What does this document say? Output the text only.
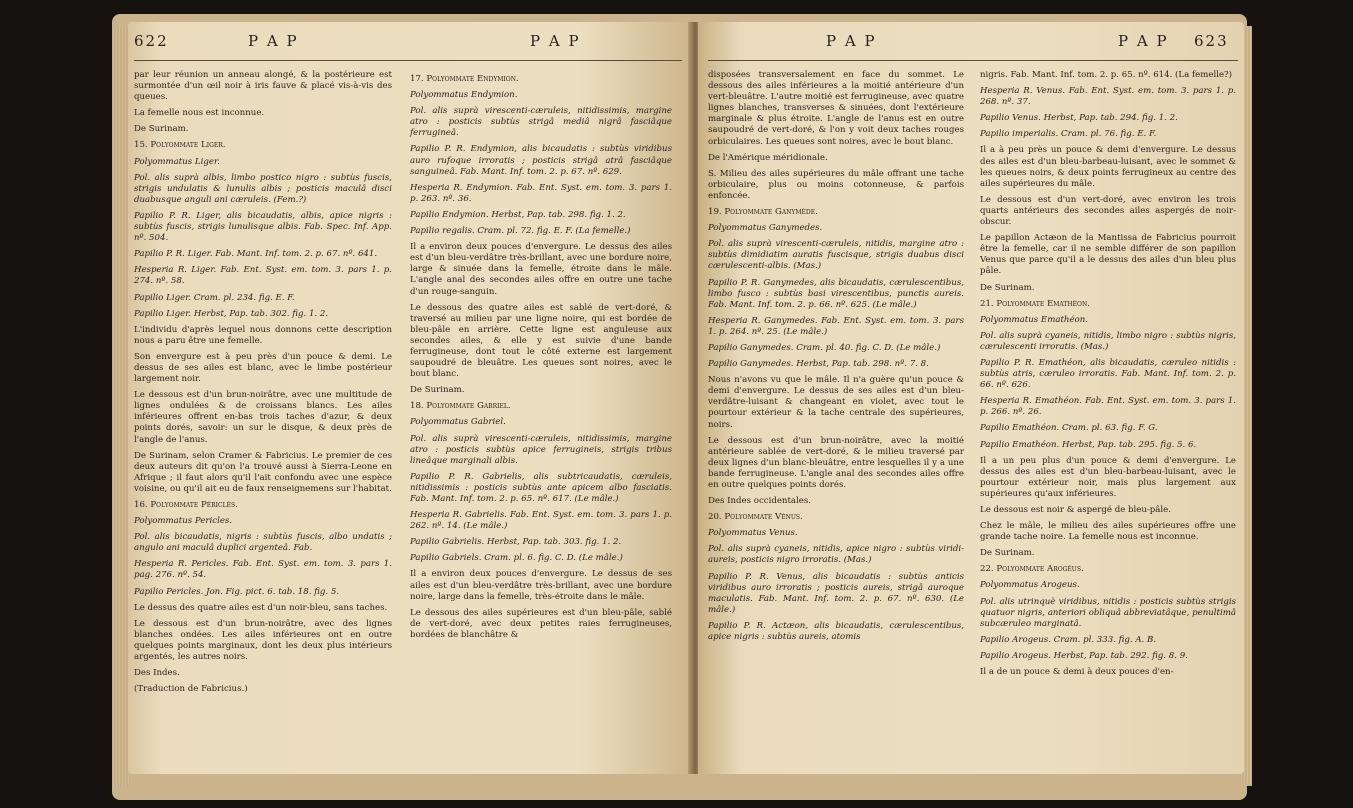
622	P A P	P A P

par leur réunion un anneau alongé, & la postérieure est surmontée d'un œil noir à iris fauve & placé vis-à-vis des queues.

La femelle nous est inconnue.

De Surinam.

15. Polyommate Liger.

Polyommatus Liger.

Pol. alis suprà albis, limbo postico nigro : subtùs fuscis, strigis undulatis & lunulis albis ; posticis maculâ disci duabusque anguli ani cæruleis. (Fem.?)

Papilio P. R. Liger, alis bicaudatis, albis, apice nigris : subtùs fuscis, strigis lunulisque albis. Fab. Spec. Inf. App. nº. 504.

Papilio P. R. Liger. Fab. Mant. Inf. tom. 2. p. 67. nº. 641.

Hesperia R. Liger. Fab. Ent. Syst. em. tom. 3. pars 1. p. 274. nº. 58.

Papilio Liger. Cram. pl. 234. fig. E. F.

Papilio Liger. Herbst, Pap. tab. 302. fig. 1. 2.

L'individu d'après lequel nous donnons cette description nous a paru être une femelle.

Son envergure est à peu près d'un pouce & demi. Le dessus de ses ailes est blanc, avec le limbe postérieur largement noir.

Le dessous est d'un brun-noirâtre, avec une multitude de lignes ondulées & de croissans blancs. Les ailes inférieures offrent en-bas trois taches d'azur, & deux points dorés, savoir: un sur le disque, & deux près de l'angle de l'anus.

De Surinam, selon Cramer & Fabricius. Le premier de ces deux auteurs dit qu'on l'a trouvé aussi à Sierra-Leone en Afrique ; il faut alors qu'il l'ait confondu avec une espèce voisine, ou qu'il ait eu de faux renseignemens sur l'habitat.

16. Polyommate Périclès.

Polyommatus Pericles.

Pol. alis bicaudatis, nigris : subtùs fuscis, albo undatis ; angulo ani maculâ duplici argenteâ. Fab.

Hesperia R. Pericles. Fab. Ent. Syst. em. tom. 3. pars 1. pag. 276. nº. 54.

Papilio Pericles. Jon. Fig. pict. 6. tab. 18. fig. 5.

Le dessus des quatre ailes est d'un noir-bleu, sans taches.

Le dessous est d'un brun-noirâtre, avec des lignes blanches ondées. Les ailes inférieures ont en outre quelques points marginaux, dont les deux plus intérieurs argentés, les autres noirs.

Des Indes.

(Traduction de Fabricius.)

17. Polyommate Endymion.

Polyommatus Endymion.

Pol. alis suprà virescenti-cæruleis, nitidissimis, margine atro : posticis subtùs strigâ mediâ nigrâ fasciâque ferrugineâ.

Papilio P. R. Endymion, alis bicaudatis : subtùs viridibus auro rufoque irroratis ; posticis strigâ atrâ fasciâque sanguineâ. Fab. Mant. Inf. tom. 2. p. 67. nº. 629.

Hesperia R. Endymion. Fab. Ent. Syst. em. tom. 3. pars 1. p. 263. nº. 36.

Papilio Endymion. Herbst, Pap. tab. 298. fig. 1. 2.

Papilio regalis. Cram. pl. 72. fig. E. F. (La femelle.)

Il a environ deux pouces d'envergure. Le dessus des ailes est d'un bleu-verdâtre très-brillant, avec une bordure noire, large & sinuée dans la femelle, étroite dans le mâle. L'angle anal des secondes ailes offre en outre une tache d'un rouge-sanguin.

Le dessous des quatre ailes est sablé de vert-doré, & traversé au milieu par une ligne noire, qui est bordée de bleu-pâle en arrière. Cette ligne est anguleuse aux secondes ailes, & elle y est suivie d'une bande ferrugineuse, dont tout le côté externe est largement saupoudré de bleuâtre. Les queues sont noires, avec le bout blanc.

De Surinam.

18. Polyommate Gabriel.

Polyommatus Gabriel.

Pol. alis suprà virescenti-cæruleis, nitidissimis, margine atro : posticis subtùs apice ferrugineis, strigis tribus lineâque marginali albis.

Papilio P. R. Gabrielis, alis subtricaudatis, cæruleis, nitidissimis : posticis subtùs ante apicem albo fasciatis. Fab. Mant. Inf. tom. 2. p. 65. nº. 617. (Le mâle.)

Hesperia R. Gabrielis. Fab. Ent. Syst. em. tom. 3. pars 1. p. 262. nº. 14. (Le mâle.)

Papilio Gabrielis. Herbst, Pap. tab. 303. fig. 1. 2.

Papilio Gabriels. Cram. pl. 6. fig. C. D. (Le mâle.)

Il a environ deux pouces d'envergure. Le dessus de ses ailes est d'un bleu-verdâtre très-brillant, avec une bordure noire, large dans la femelle, très-étroite dans le mâle.

Le dessous des ailes supérieures est d'un bleu-pâle, sablé de vert-doré, avec deux petites raies ferrugineuses, bordées de blanchâtre &

P A P	P A P 623

disposées transversalement en face du sommet. Le dessous des ailes inférieures a la moitié antérieure d'un vert-bleuâtre. L'autre moitié est ferrugineuse, avec quatre lignes blanches, transverses & sinuées, dont l'extérieure marginale & plus étroite. L'angle de l'anus est en outre saupoudré de vert-doré, & l'on y voit deux taches rouges orbiculaires. Les queues sont noires, avec le bout blanc.

De l'Amérique méridionale.

S. Milieu des ailes supérieures du mâle offrant une tache orbiculaire, plus ou moins cotonneuse, & parfois enfoncée.

19. Polyommate Ganymède.

Polyommatus Ganymedes.

Pol. alis suprà virescenti-cæruleis, nitidis, margine atro : subtùs dimidiatim auratis fuscisque, strigis duabus disci cærulescenti-albis. (Mas.)

Papilio P. R. Ganymedes, alis bicaudatis, cærulescentibus, limbo fusco : subtùs basi virescentibus, punctis aureis. Fab. Mant. Inf. tom. 2. p. 66. nº. 625. (Le mâle.)

Hesperia R. Ganymedes. Fab. Ent. Syst. em. tom. 3. pars 1. p. 264. nº. 25. (Le mâle.)

Papilio Ganymedes. Cram. pl. 40. fig. C. D. (Le mâle.)

Papilio Ganymedes. Herbst, Pap. tab. 298. nº. 7. 8.

Nous n'avons vu que le mâle. Il n'a guère qu'un pouce & demi d'envergure. Le dessus de ses ailes est d'un bleu-verdâtre-luisant & changeant en violet, avec tout le pourtour extérieur & la tache centrale des supérieures, noirs.

Le dessous est d'un brun-noirâtre, avec la moitié antérieure sablée de vert-doré, & le milieu traversé par deux lignes d'un blanc-bleuâtre, entre lesquelles il y a une bande ferrugineuse. L'angle anal des secondes ailes offre en outre quelques points dorés.

Des Indes occidentales.

20. Polyommate Vénus.

Polyommatus Venus.

Pol. alis suprà cyaneis, nitidis, apice nigro : subtùs viridi-aureis, posticis nigro irroratis. (Mas.)

Papilio P. R. Venus, alis bicaudatis : subtùs anticis viridibus auro irroratis ; posticis aureis, strigâ auroque maculatis. Fab. Mant. Inf. tom. 2. p. 67. nº. 630. (Le mâle.)

Papilio P. R. Actæon, alis bicaudatis, cærulescentibus, apice nigris : subtùs aureis, atomis

nigris. Fab. Mant. Inf. tom. 2. p. 65. nº. 614. (La femelle?)

Hesperia R. Venus. Fab. Ent. Syst. em. tom. 3. pars 1. p. 268. nº. 37.

Papilio Venus. Herbst, Pap. tab. 294. fig. 1. 2.

Papilio imperialis. Cram. pl. 76. fig. E. F.

Il a à peu près un pouce & demi d'envergure. Le dessus des ailes est d'un bleu-barbeau-luisant, avec le sommet & les queues noirs, & deux points ferrugineux au centre des ailes supérieures du mâle.

Le dessous est d'un vert-doré, avec environ les trois quarts antérieurs des secondes ailes aspergés de noir-obscur.

Le papillon Actæon de la Mantissa de Fabricius pourroit être la femelle, car il ne semble différer de son papillon Venus que parce qu'il a le dessus des ailes d'un bleu plus pâle.

De Surinam.

21. Polyommate Emathéon.

Polyommatus Emathéon.

Pol. alis suprà cyaneis, nitidis, limbo nigro : subtùs nigris, cærulescenti irroratis. (Mas.)

Papilio P. R. Emathéon, alis bicaudatis, cæruleo nitidis : subtùs atris, cæruleo irroratis. Fab. Mant. Inf. tom. 2. p. 66. nº. 626.

Hesperia R. Emathéon. Fab. Ent. Syst. em. tom. 3. pars 1. p. 266. nº. 26.

Papilio Emathéon. Cram. pl. 63. fig. F. G.

Papilio Emathéon. Herbst, Pap. tab. 295. fig. 5. 6.

Il a un peu plus d'un pouce & demi d'envergure. Le dessus des ailes est d'un bleu-barbeau-luisant, avec le pourtour extérieur noir, mais plus largement aux supérieures qu'aux inférieures.

Le dessous est noir & aspergé de bleu-pâle.

Chez le mâle, le milieu des ailes supérieures offre une grande tache noire. La femelle nous est inconnue.

De Surinam.

22. Polyommate Arogéus.

Polyommatus Arogeus.

Pol. alis utrinquè viridibus, nitidis : posticis subtùs strigis quatuor nigris, anteriori obliquâ abbreviatâque, penultimâ subcæruleo marginatâ.

Papilio Arogeus. Cram. pl. 333. fig. A. B.

Papilio Arogeus. Herbst, Pap. tab. 292. fig. 8. 9.

Il a de un pouce & demi à deux pouces d'en-
